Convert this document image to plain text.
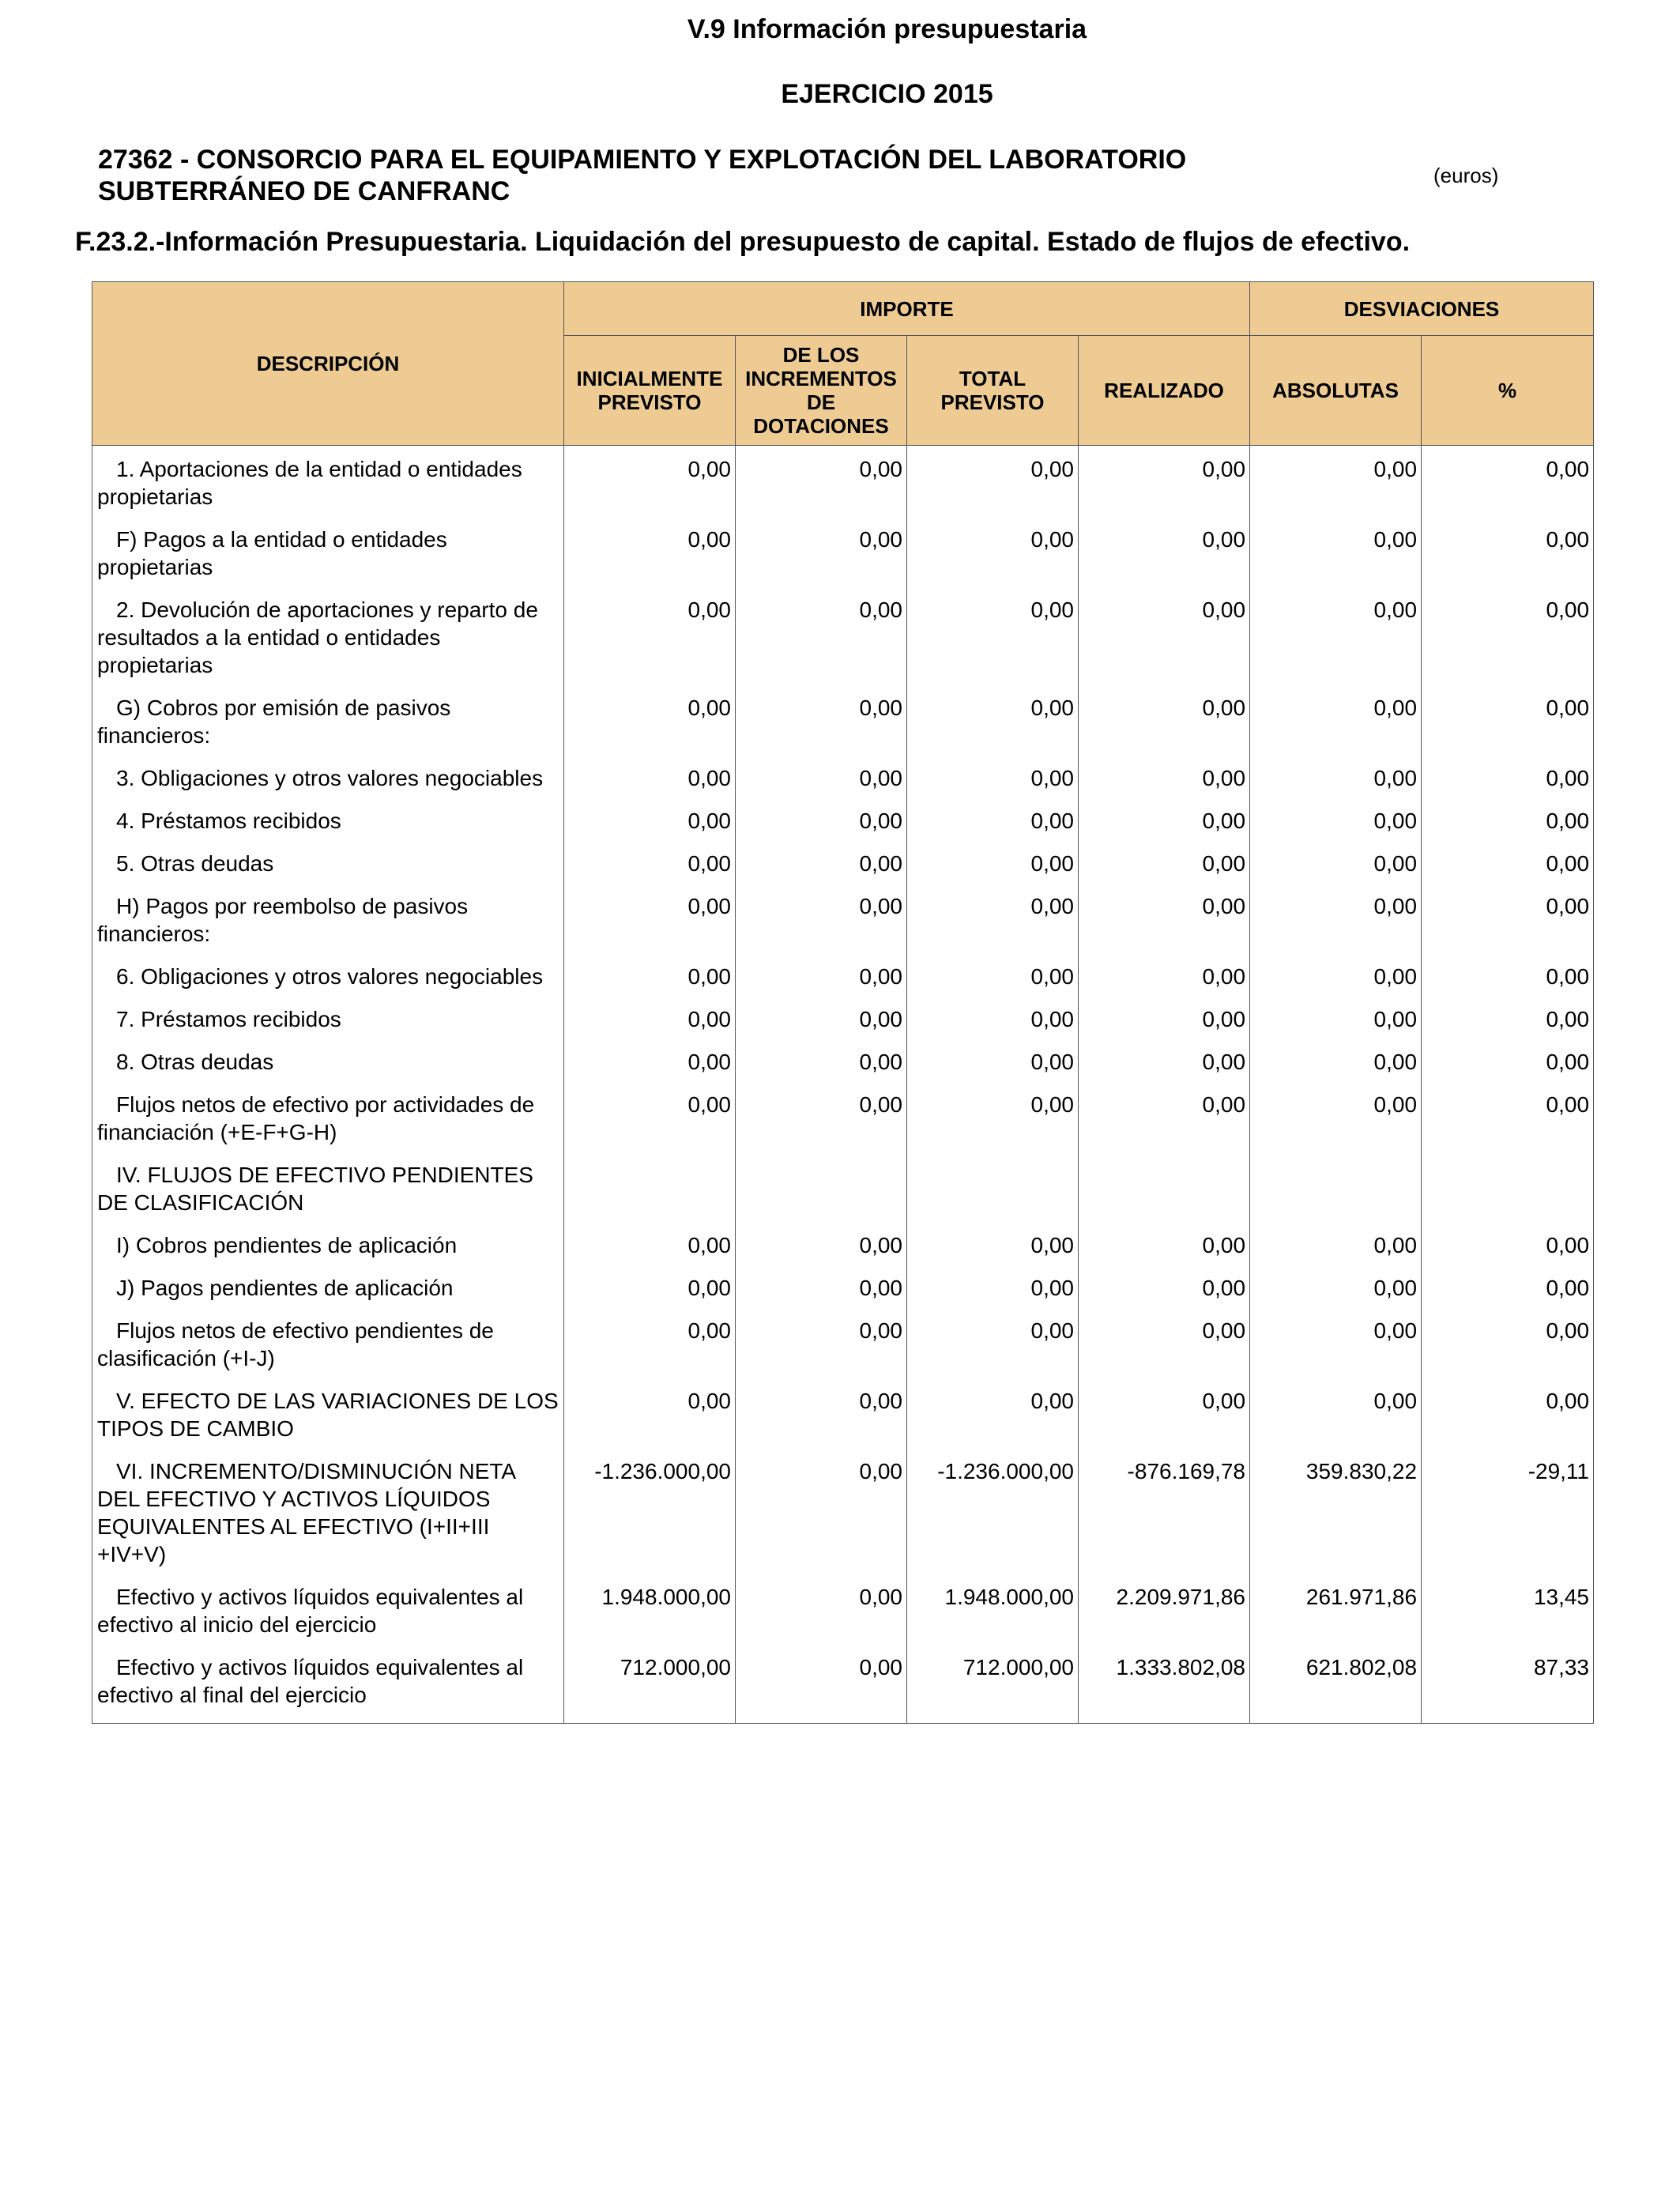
V.9 Información presupuestaria
EJERCICIO 2015

27362 - CONSORCIO PARA EL EQUIPAMIENTO Y EXPLOTACIÓN DEL LABORATORIO SUBTERRÁNEO DE CANFRANC

(euros)
F.23.2.-Información Presupuestaria. Liquidación del presupuesto de capital. Estado de flujos de efectivo.
DESCRIPCIÓN	IMPORTE				DESVIACIONES	
	INICIALMENTE PREVISTO	DE LOS INCREMENTOS DE DOTACIONES	TOTAL PREVISTO	REALIZADO	ABSOLUTAS	%
1. Aportaciones de la entidad o entidades propietarias	0,00	0,00	0,00	0,00	0,00	0,00
F) Pagos a la entidad o entidades propietarias	0,00	0,00	0,00	0,00	0,00	0,00
2. Devolución de aportaciones y reparto de resultados a la entidad o entidades propietarias	0,00	0,00	0,00	0,00	0,00	0,00
G) Cobros por emisión de pasivos financieros:	0,00	0,00	0,00	0,00	0,00	0,00
3. Obligaciones y otros valores negociables	0,00	0,00	0,00	0,00	0,00	0,00
4. Préstamos recibidos	0,00	0,00	0,00	0,00	0,00	0,00
5. Otras deudas	0,00	0,00	0,00	0,00	0,00	0,00
H) Pagos por reembolso de pasivos financieros:	0,00	0,00	0,00	0,00	0,00	0,00
6. Obligaciones y otros valores negociables	0,00	0,00	0,00	0,00	0,00	0,00
7. Préstamos recibidos	0,00	0,00	0,00	0,00	0,00	0,00
8. Otras deudas	0,00	0,00	0,00	0,00	0,00	0,00
Flujos netos de efectivo por actividades de financiación (+E-F+G-H)	0,00	0,00	0,00	0,00	0,00	0,00
IV. FLUJOS DE EFECTIVO PENDIENTES DE CLASIFICACIÓN						
I) Cobros pendientes de aplicación	0,00	0,00	0,00	0,00	0,00	0,00
J) Pagos pendientes de aplicación	0,00	0,00	0,00	0,00	0,00	0,00
Flujos netos de efectivo pendientes de clasificación (+I-J)	0,00	0,00	0,00	0,00	0,00	0,00
V. EFECTO DE LAS VARIACIONES DE LOS TIPOS DE CAMBIO	0,00	0,00	0,00	0,00	0,00	0,00
VI. INCREMENTO/DISMINUCIÓN NETA DEL EFECTIVO Y ACTIVOS LÍQUIDOS EQUIVALENTES AL EFECTIVO (I+II+III +IV+V)	-1.236.000,00	0,00	-1.236.000,00	-876.169,78	359.830,22	-29,11
Efectivo y activos líquidos equivalentes al efectivo al inicio del ejercicio	1.948.000,00	0,00	1.948.000,00	2.209.971,86	261.971,86	13,45
Efectivo y activos líquidos equivalentes al efectivo al final del ejercicio	712.000,00	0,00	712.000,00	1.333.802,08	621.802,08	87,33
